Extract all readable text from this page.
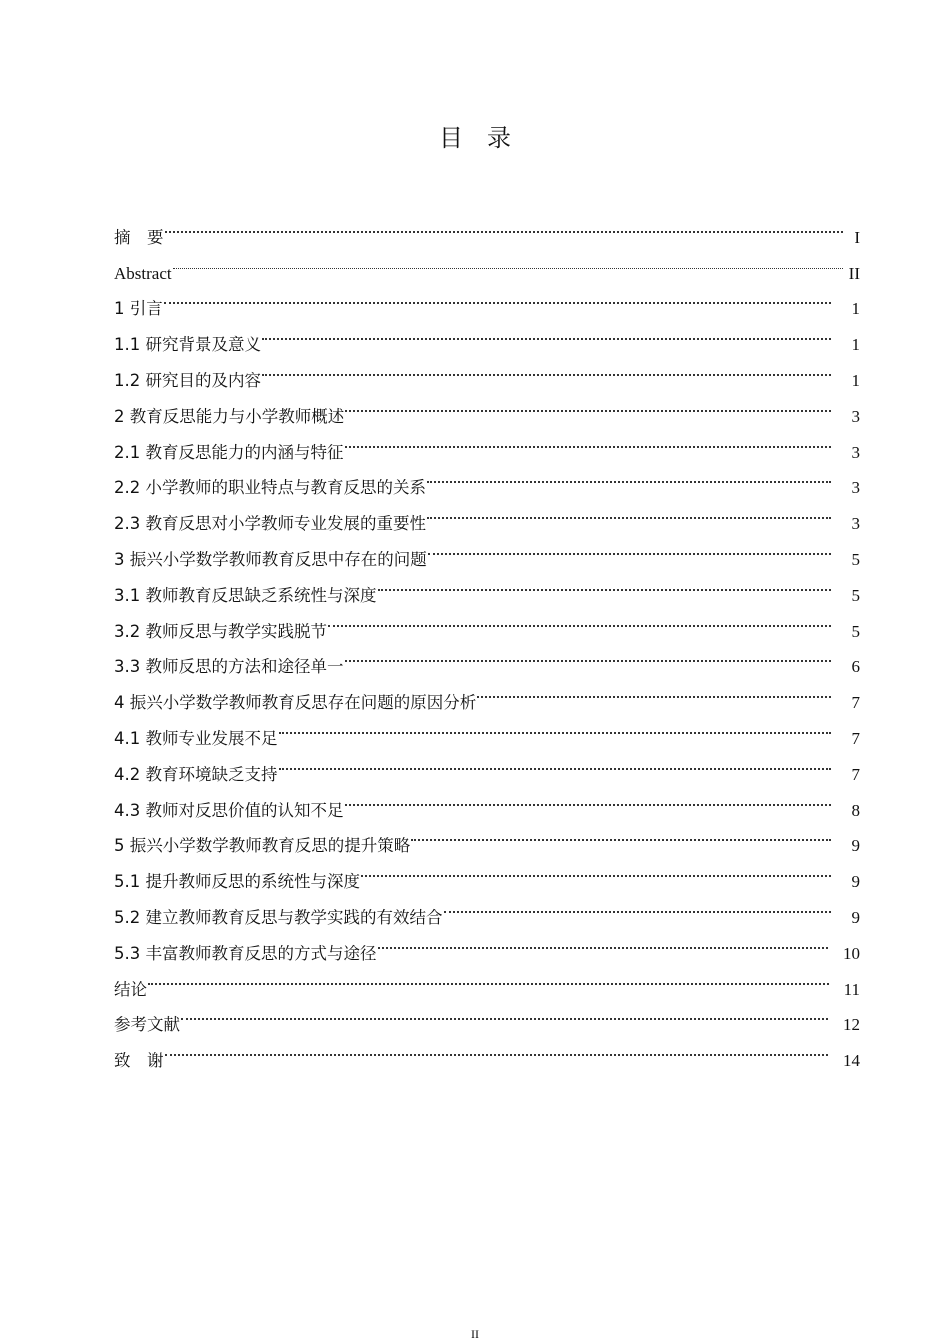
目　录
摘　要	I
Abstract	II
1 引言	1
1.1 研究背景及意义	1
1.2 研究目的及内容	1
2 教育反思能力与小学教师概述	3
2.1 教育反思能力的内涵与特征	3
2.2 小学教师的职业特点与教育反思的关系	3
2.3 教育反思对小学教师专业发展的重要性	3
3 振兴小学数学教师教育反思中存在的问题	5
3.1 教师教育反思缺乏系统性与深度	5
3.2 教师反思与教学实践脱节	5
3.3 教师反思的方法和途径单一	6
4 振兴小学数学教师教育反思存在问题的原因分析	7
4.1 教师专业发展不足	7
4.2 教育环境缺乏支持	7
4.3 教师对反思价值的认知不足	8
5 振兴小学数学教师教育反思的提升策略	9
5.1 提升教师反思的系统性与深度	9
5.2 建立教师教育反思与教学实践的有效结合	9
5.3 丰富教师教育反思的方式与途径	10
结论	11
参考文献	12
致　谢	14
II
